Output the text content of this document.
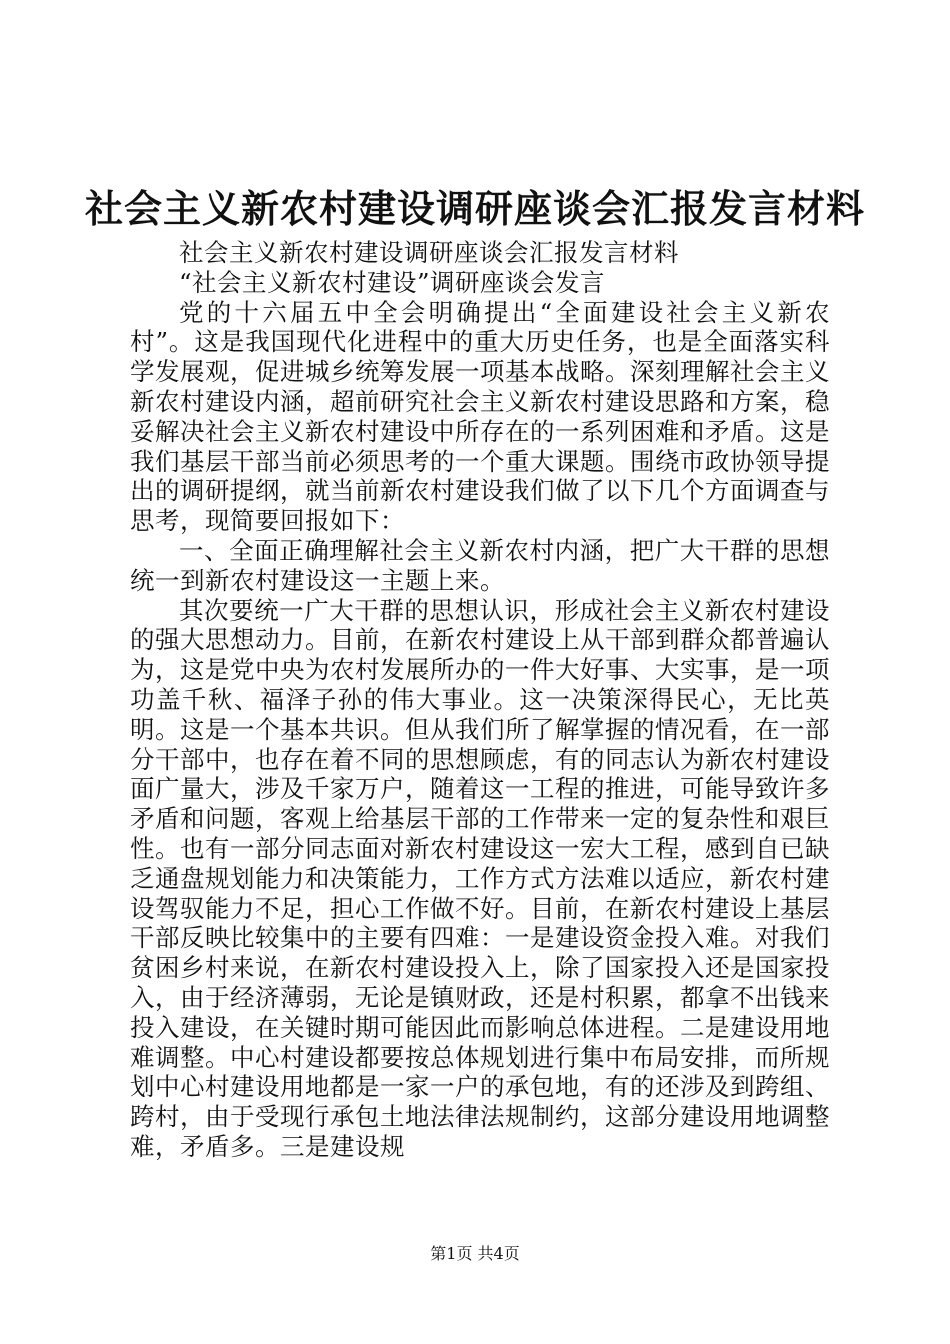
社会主义新农村建设调研座谈会汇报发言材料

社会主义新农村建设调研座谈会汇报发言材料

“社会主义新农村建设”调研座谈会发言

党的十六届五中全会明确提出“全面建设社会主义新农村”。这是我国现代化进程中的重大历史任务，也是全面落实科学发展观，促进城乡统筹发展一项基本战略。深刻理解社会主义新农村建设内涵，超前研究社会主义新农村建设思路和方案，稳妥解决社会主义新农村建设中所存在的一系列困难和矛盾。这是我们基层干部当前必须思考的一个重大课题。围绕市政协领导提出的调研提纲，就当前新农村建设我们做了以下几个方面调查与思考，现简要回报如下：

一、全面正确理解社会主义新农村内涵，把广大干群的思想统一到新农村建设这一主题上来。

其次要统一广大干群的思想认识，形成社会主义新农村建设的强大思想动力。目前，在新农村建设上从干部到群众都普遍认为，这是党中央为农村发展所办的一件大好事、大实事，是一项功盖千秋、福泽子孙的伟大事业。这一决策深得民心，无比英明。这是一个基本共识。但从我们所了解掌握的情况看，在一部分干部中，也存在着不同的思想顾虑，有的同志认为新农村建设面广量大，涉及千家万户，随着这一工程的推进，可能导致许多矛盾和问题，客观上给基层干部的工作带来一定的复杂性和艰巨性。也有一部分同志面对新农村建设这一宏大工程，感到自已缺乏通盘规划能力和决策能力，工作方式方法难以适应，新农村建设驾驭能力不足，担心工作做不好。目前，在新农村建设上基层干部反映比较集中的主要有四难：一是建设资金投入难。对我们贫困乡村来说，在新农村建设投入上，除了国家投入还是国家投入，由于经济薄弱，无论是镇财政，还是村积累，都拿不出钱来投入建设，在关键时期可能因此而影响总体进程。二是建设用地难调整。中心村建设都要按总体规划进行集中布局安排，而所规划中心村建设用地都是一家一户的承包地，有的还涉及到跨组、跨村，由于受现行承包土地法律法规制约，这部分建设用地调整难，矛盾多。三是建设规

第1页 共4页
